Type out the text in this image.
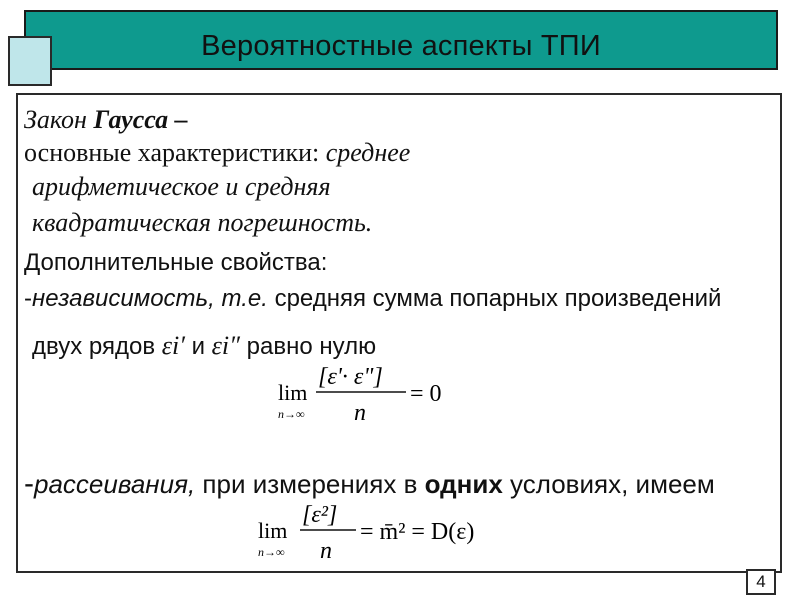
Вероятностные аспекты ТПИ
Закон Гаусса –
основные характеристики: среднее
арифметическое и средняя
квадратическая погрешность.
Дополнительные свойства:
-независимость, т.е. средняя сумма попарных произведений
двух рядов εi′ и εi″ равно нулю
lim
n→∞
[ε'· ε"]
n
= 0
-рассеивания, при измерениях в одних условиях, имеем
lim
n→∞
[ε²]
n
= m̄² = D(ε)
4
